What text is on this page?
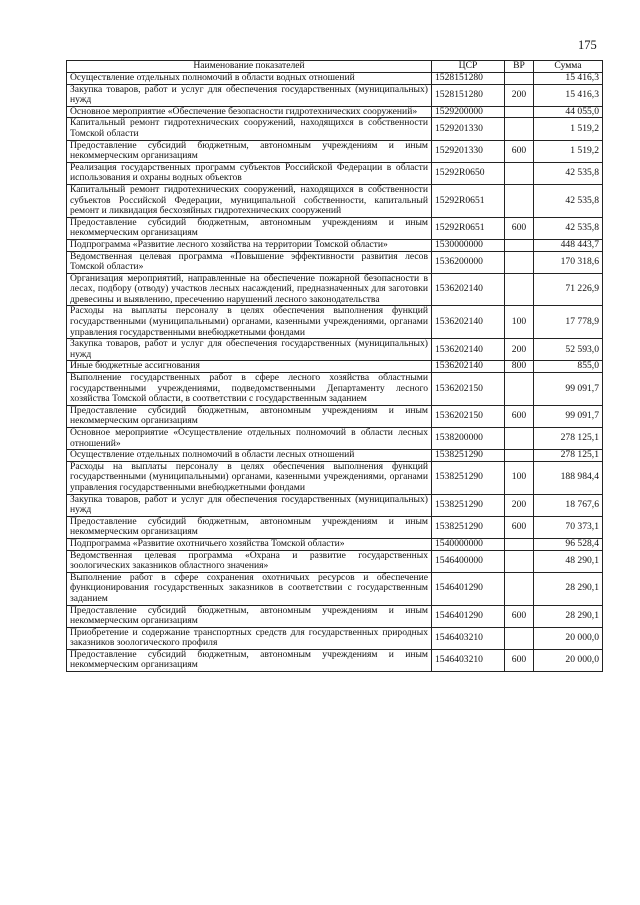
175
Наименование показателей	ЦСР	ВР	Сумма
Осуществление отдельных полномочий в области водных отношений	1528151280		15 416,3
Закупка товаров, работ и услуг для обеспечения государственных (муниципальных) нужд	1528151280	200	15 416,3
Основное мероприятие «Обеспечение безопасности гидротехнических сооружений»	1529200000		44 055,0
Капитальный ремонт гидротехнических сооружений, находящихся в собственности Томской области	1529201330		1 519,2
Предоставление субсидий бюджетным, автономным учреждениям и иным некоммерческим организациям	1529201330	600	1 519,2
Реализация государственных программ субъектов Российской Федерации в области использования и охраны водных объектов	15292R0650		42 535,8
Капитальный ремонт гидротехнических сооружений, находящихся в собственности субъектов Российской Федерации, муниципальной собственности, капитальный ремонт и ликвидация бесхозяйных гидротехнических сооружений	15292R0651		42 535,8
Предоставление субсидий бюджетным, автономным учреждениям и иным некоммерческим организациям	15292R0651	600	42 535,8
Подпрограмма «Развитие лесного хозяйства на территории Томской области»	1530000000		448 443,7
Ведомственная целевая программа «Повышение эффективности развития лесов Томской области»	1536200000		170 318,6
Организация мероприятий, направленные на обеспечение пожарной безопасности в лесах, подбору (отводу) участков лесных насаждений, предназначенных для заготовки древесины и выявлению, пресечению нарушений лесного законодательства	1536202140		71 226,9
Расходы на выплаты персоналу в целях обеспечения выполнения функций государственными (муниципальными) органами, казенными учреждениями, органами управления государственными внебюджетными фондами	1536202140	100	17 778,9
Закупка товаров, работ и услуг для обеспечения государственных (муниципальных) нужд	1536202140	200	52 593,0
Иные бюджетные ассигнования	1536202140	800	855,0
Выполнение государственных работ в сфере лесного хозяйства областными государственными учреждениями, подведомственными Департаменту лесного хозяйства Томской области, в соответствии с государственным заданием	1536202150		99 091,7
Предоставление субсидий бюджетным, автономным учреждениям и иным некоммерческим организациям	1536202150	600	99 091,7
Основное мероприятие «Осуществление отдельных полномочий в области лесных отношений»	1538200000		278 125,1
Осуществление отдельных полномочий в области лесных отношений	1538251290		278 125,1
Расходы на выплаты персоналу в целях обеспечения выполнения функций государственными (муниципальными) органами, казенными учреждениями, органами управления государственными внебюджетными фондами	1538251290	100	188 984,4
Закупка товаров, работ и услуг для обеспечения государственных (муниципальных) нужд	1538251290	200	18 767,6
Предоставление субсидий бюджетным, автономным учреждениям и иным некоммерческим организациям	1538251290	600	70 373,1
Подпрограмма «Развитие охотничьего хозяйства Томской области»	1540000000		96 528,4
Ведомственная целевая программа «Охрана и развитие государственных зоологических заказников областного значения»	1546400000		48 290,1
Выполнение работ в сфере сохранения охотничьих ресурсов и обеспечение функционирования государственных заказников в соответствии с государственным заданием	1546401290		28 290,1
Предоставление субсидий бюджетным, автономным учреждениям и иным некоммерческим организациям	1546401290	600	28 290,1
Приобретение и содержание транспортных средств для государственных природных заказников зоологического профиля	1546403210		20 000,0
Предоставление субсидий бюджетным, автономным учреждениям и иным некоммерческим организациям	1546403210	600	20 000,0
